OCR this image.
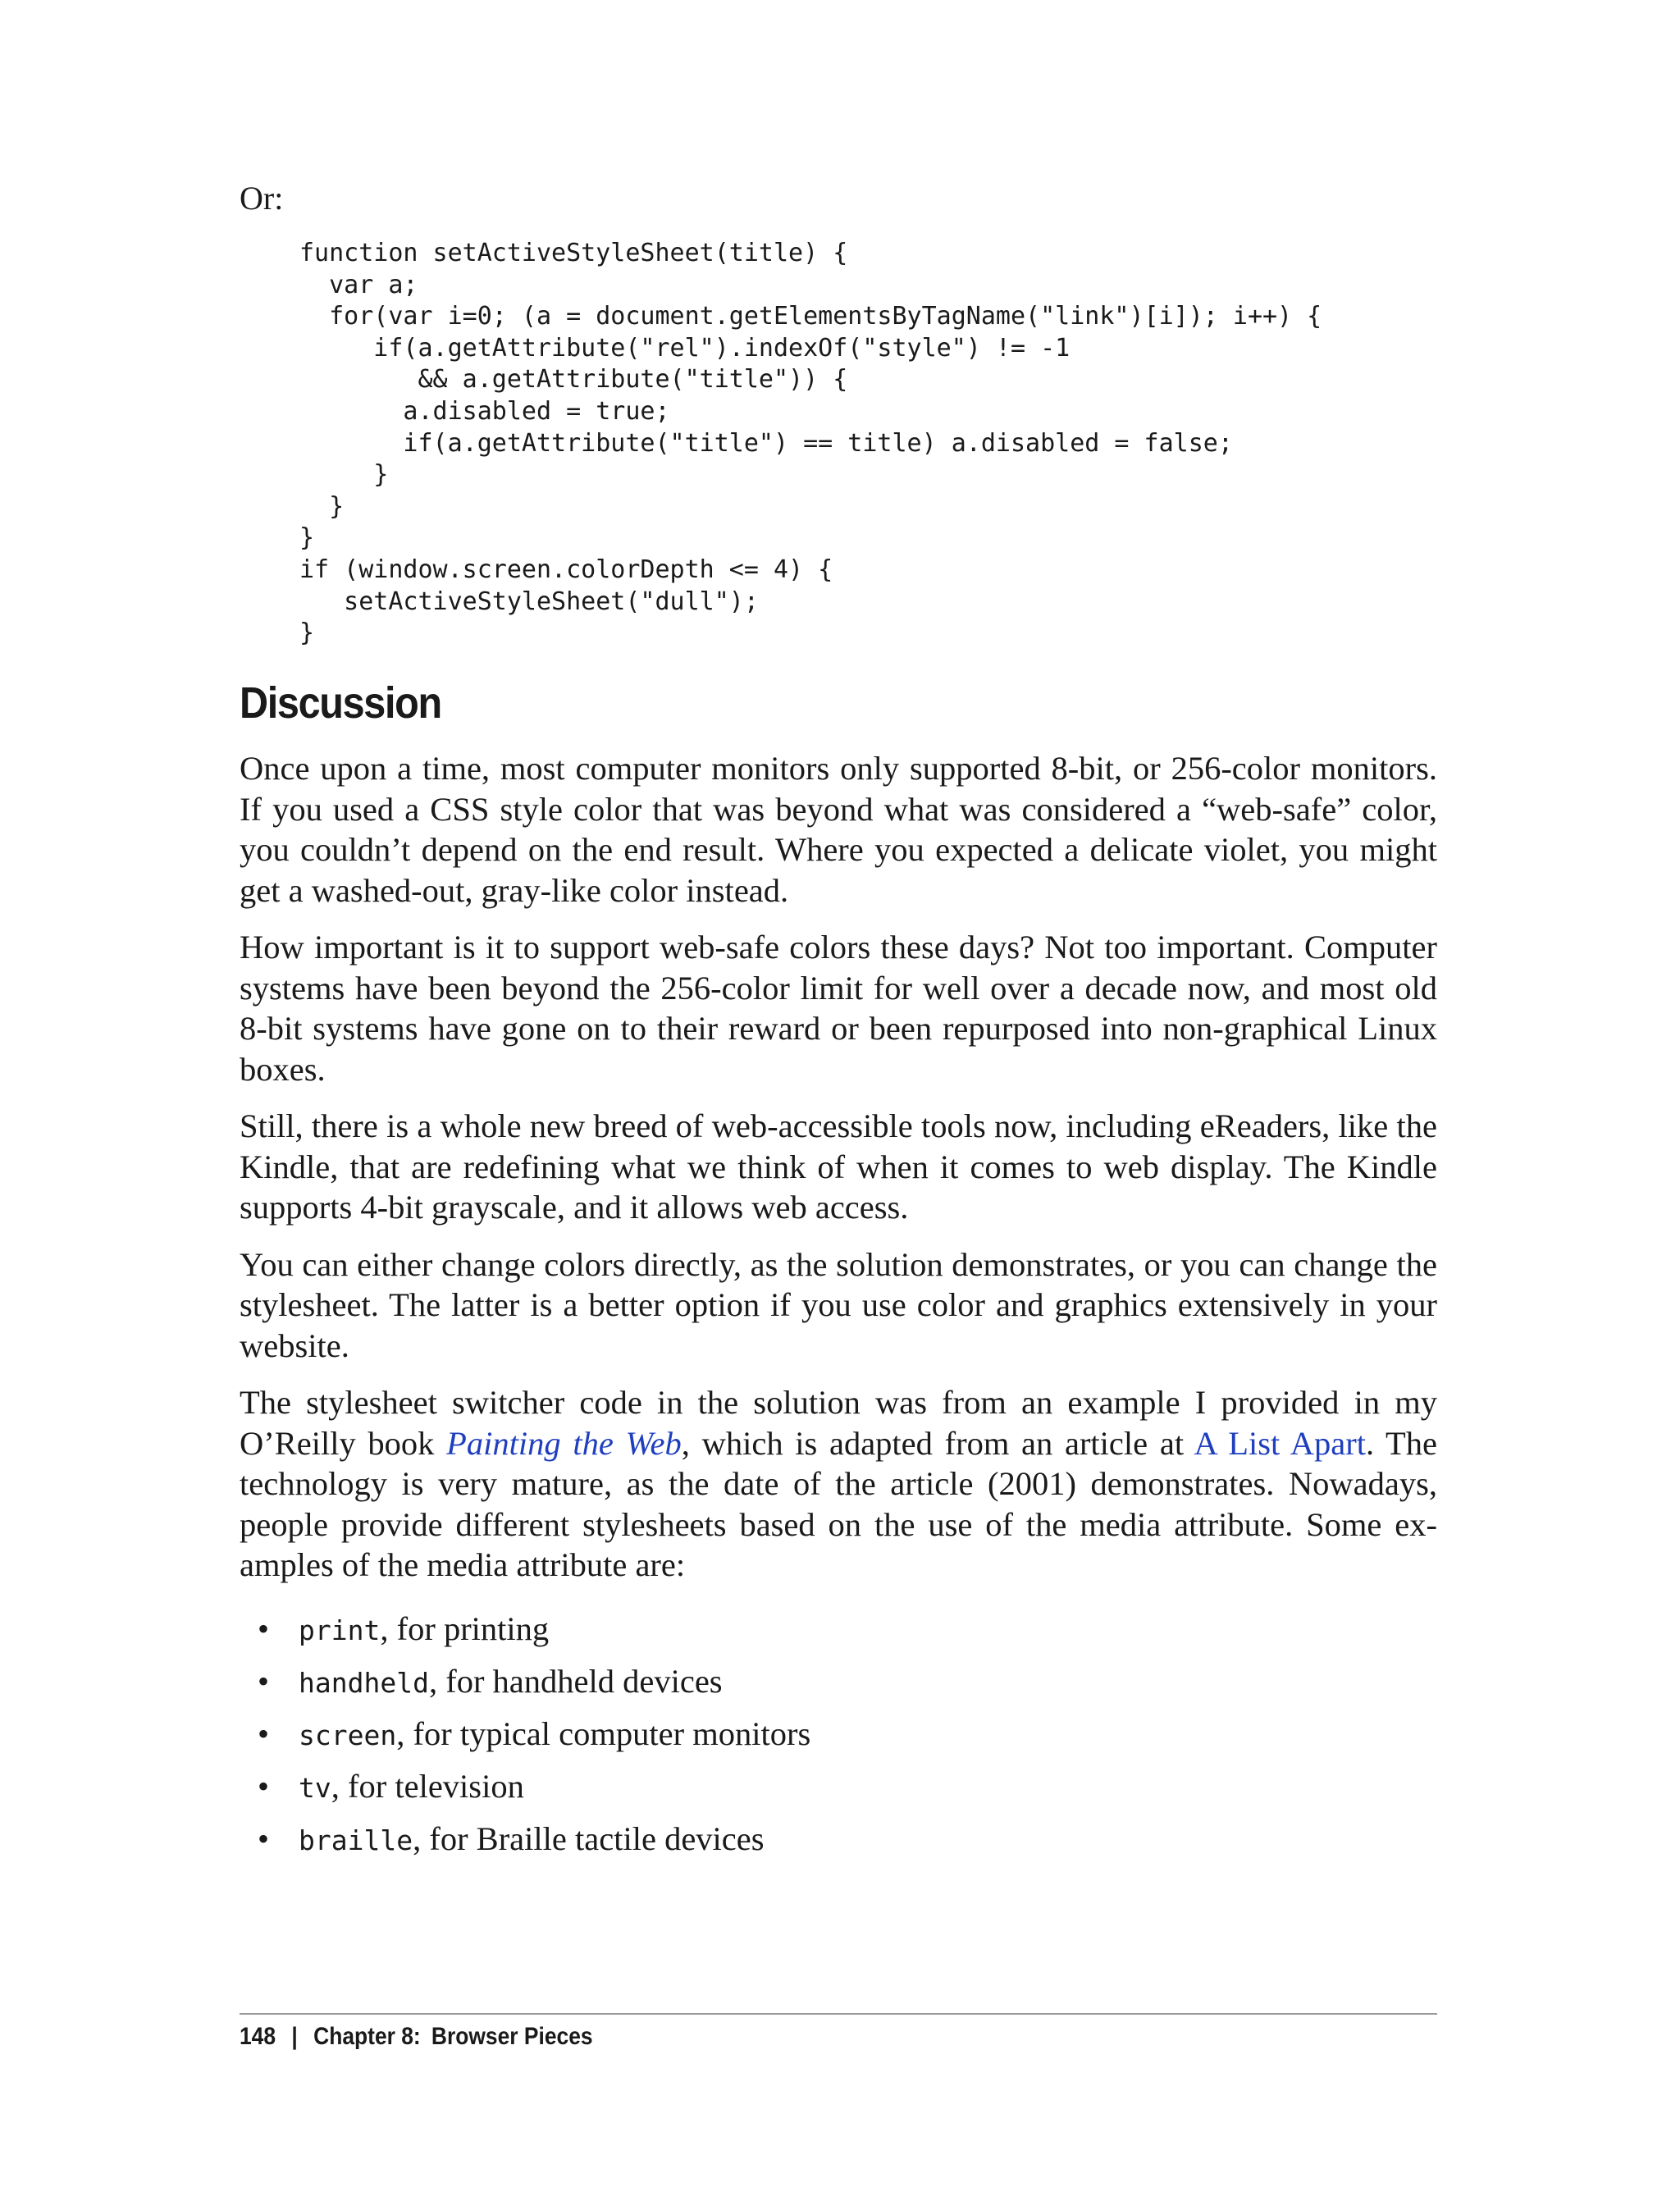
Or:

function setActiveStyleSheet(title) {
var a;
for(var i=0; (a = document.getElementsByTagName("link")[i]); i++) {
if(a.getAttribute("rel").indexOf("style") != -1
&& a.getAttribute("title")) {
a.disabled = true;
if(a.getAttribute("title") == title) a.disabled = false;
}
}
}
if (window.screen.colorDepth <= 4) {
setActiveStyleSheet("dull");
}
Discussion

Once upon a time, most computer monitors only supported 8-bit, or 256-color monitors. If you used a CSS style color that was beyond what was considered a “web-safe” color, you couldn’t depend on the end result. Where you expected a delicate violet, you might get a washed-out, gray-like color instead.

How important is it to support web-safe colors these days? Not too important. Computer systems have been beyond the 256-color limit for well over a decade now, and most old 8-bit systems have gone on to their reward or been repurposed into non-graphical Linux boxes.

Still, there is a whole new breed of web-accessible tools now, including eReaders, like the Kindle, that are redefining what we think of when it comes to web display. The Kindle supports 4-bit grayscale, and it allows web access.

You can either change colors directly, as the solution demonstrates, or you can change the stylesheet. The latter is a better option if you use color and graphics extensively in your website.

The stylesheet switcher code in the solution was from an example I provided in my O’Reilly book Painting the Web, which is adapted from an article at A List Apart. The technology is very mature, as the date of the article (2001) demonstrates. Nowadays, people provide different stylesheets based on the use of the media attribute. Some examples of the media attribute are:

• print, for printing
• handheld, for handheld devices
• screen, for typical computer monitors
• tv, for television
• braille, for Braille tactile devices
148 | Chapter 8: Browser Pieces
